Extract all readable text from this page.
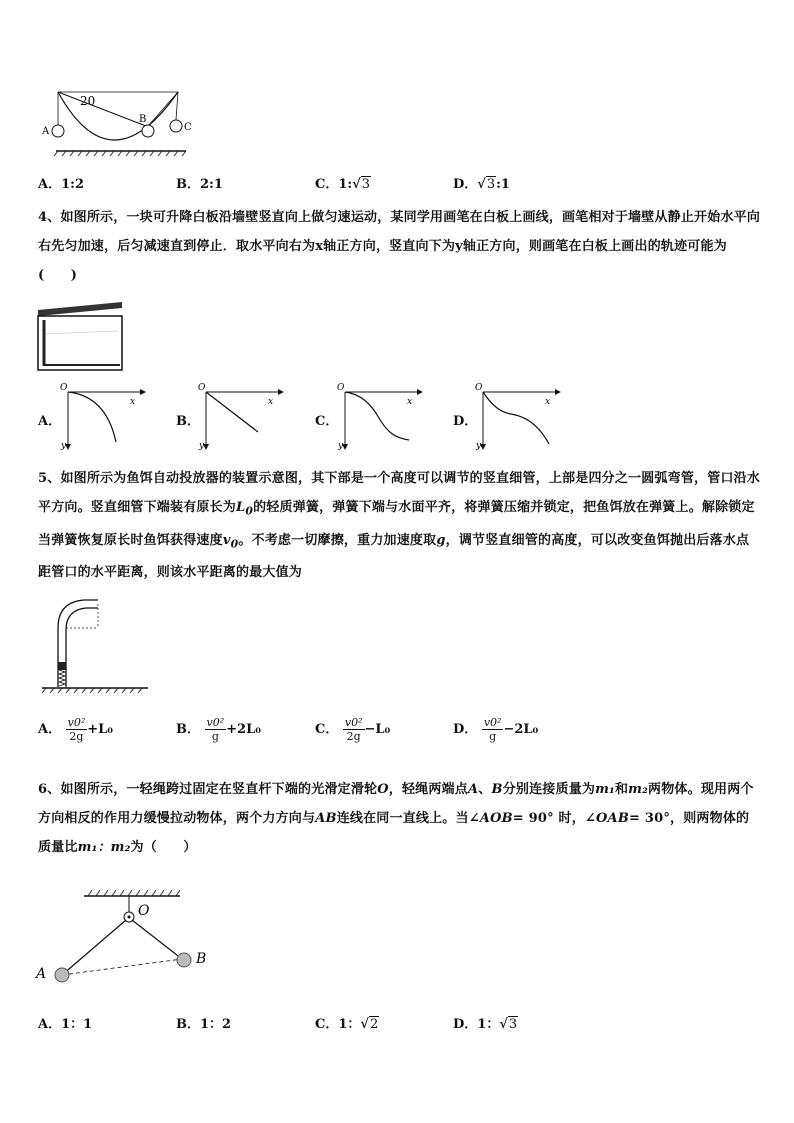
20
A
B
C
A．1:2	B．2:1	C．1:√3	D．√3:1
4、如图所示，一块可升降白板沿墙壁竖直向上做匀速运动，某同学用画笔在白板上画线，画笔相对于墙壁从静止开始水平向右先匀加速，后匀减速直到停止．取水平向右为x轴正方向，竖直向下为y轴正方向，则画笔在白板上画出的轨迹可能为(　　)
A．
O
x
y
B．
O
x
y
C．
O
x
y
D．
O
x
y
5、如图所示为鱼饵自动投放器的装置示意图，其下部是一个高度可以调节的竖直细管，上部是四分之一圆弧弯管，管口沿水平方向。竖直细管下端装有原长为$L_0$的轻质弹簧，弹簧下端与水面平齐，将弹簧压缩并锁定，把鱼饵放在弹簧上。解除锁定当弹簧恢复原长时鱼饵获得速度$v_0$。不考虑一切摩擦，重力加速度取g，调节竖直细管的高度，可以改变鱼饵抛出后落水点距管口的水平距离，则该水平距离的最大值为
A． $\frac{\text{v0²}}{2g} +L_0$	B． $\frac{\text{v0²}}{g} +2L_0$	C． $\frac{\text{v0²}}{2g} -L_0$	D． $\frac{\text{v0²}}{g} -2L_0$
6、如图所示，一轻绳跨过固定在竖直杆下端的光滑定滑轮O，轻绳两端点A、B分别连接质量为m₁和m₂两物体。现用两个方向相反的作用力缓慢拉动物体，两个力方向与AB连线在同一直线上。当∠AOB= 90° 时，∠OAB= 30°，则两物体的质量比m₁：m₂为（　　）
O
A
B
A．1：1	B．1：2	C．1：√2	D．1：√3
